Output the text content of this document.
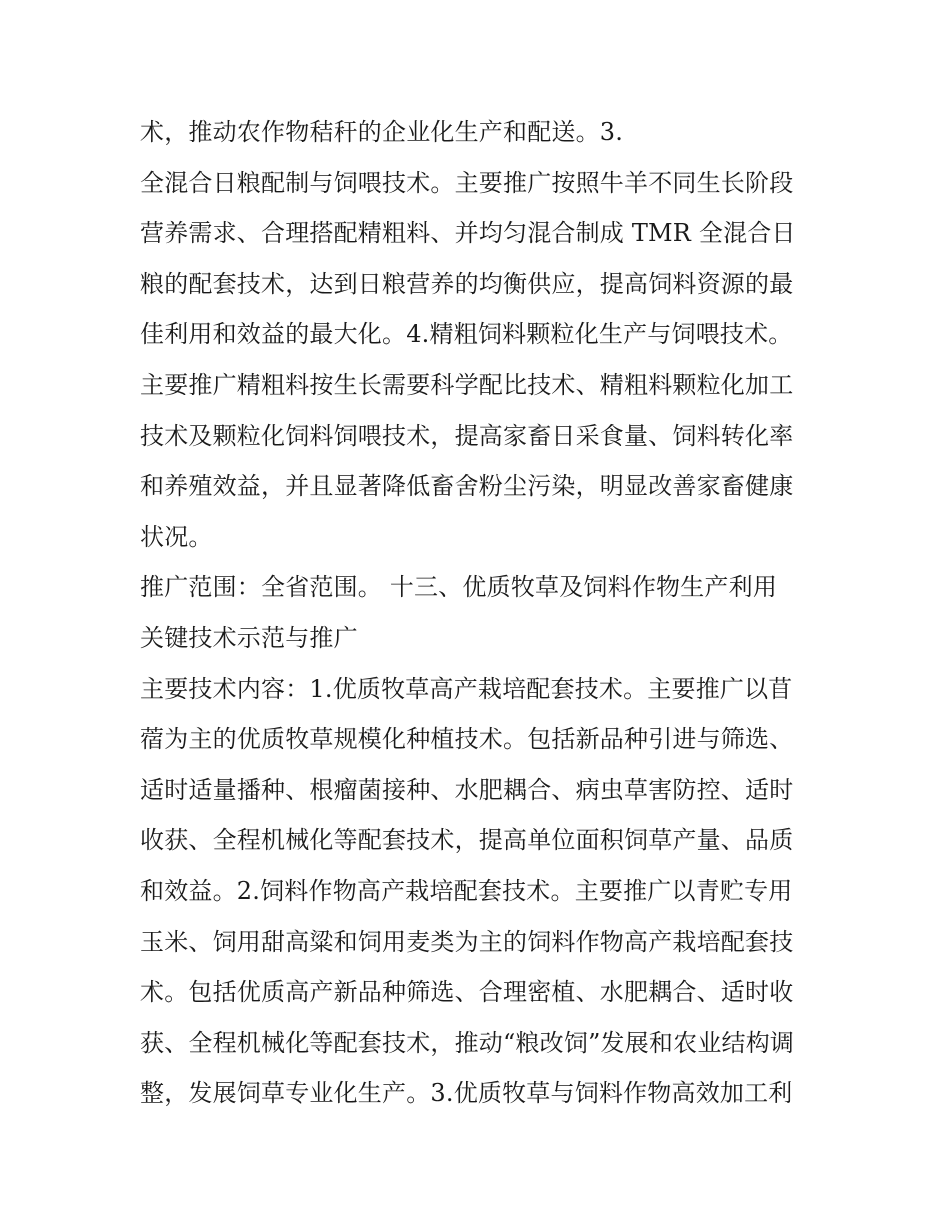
术，推动农作物秸秆的企业化生产和配送。3.
全混合日粮配制与饲喂技术。主要推广按照牛羊不同生长阶段
营养需求、合理搭配精粗料、并均匀混合制成 TMR 全混合日
粮的配套技术，达到日粮营养的均衡供应，提高饲料资源的最
佳利用和效益的最大化。4.精粗饲料颗粒化生产与饲喂技术。
主要推广精粗料按生长需要科学配比技术、精粗料颗粒化加工
技术及颗粒化饲料饲喂技术，提高家畜日采食量、饲料转化率
和养殖效益，并且显著降低畜舍粉尘污染，明显改善家畜健康
状况。
推广范围：全省范围。 十三、优质牧草及饲料作物生产利用
关键技术示范与推广
主要技术内容：1.优质牧草高产栽培配套技术。主要推广以苜
蓿为主的优质牧草规模化种植技术。包括新品种引进与筛选、
适时适量播种、根瘤菌接种、水肥耦合、病虫草害防控、适时
收获、全程机械化等配套技术，提高单位面积饲草产量、品质
和效益。2.饲料作物高产栽培配套技术。主要推广以青贮专用
玉米、饲用甜高粱和饲用麦类为主的饲料作物高产栽培配套技
术。包括优质高产新品种筛选、合理密植、水肥耦合、适时收
获、全程机械化等配套技术，推动“粮改饲”发展和农业结构调
整，发展饲草专业化生产。3.优质牧草与饲料作物高效加工利
